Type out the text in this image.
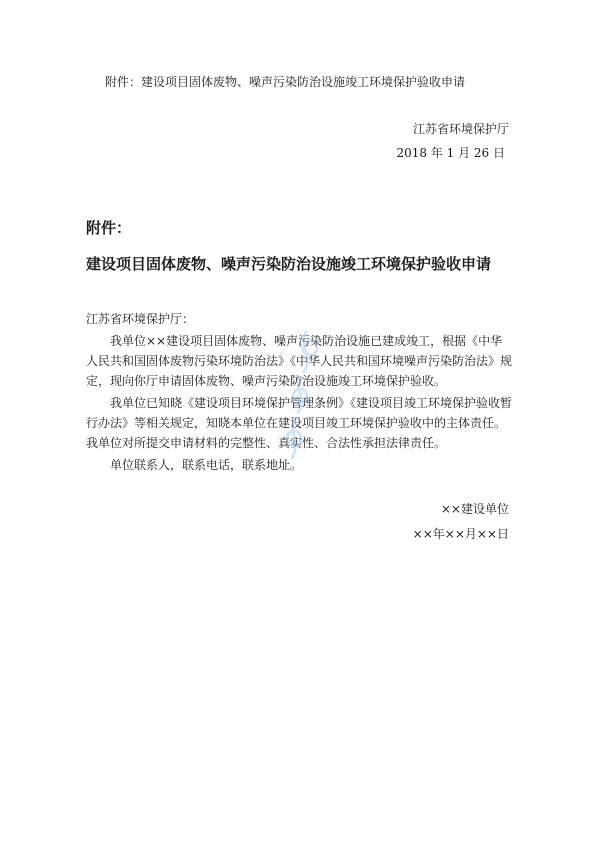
附件：建设项目固体废物、噪声污染防治设施竣工环境保护验收申请
江苏省环境保护厅
2018 年 1 月 26 日
附件：
建设项目固体废物、噪声污染防治设施竣工环境保护验收申请
江苏省环境保护厅：
我单位××建设项目固体废物、噪声污染防治设施已建成竣工，根据《中华人民共和国固体废物污染环境防治法》《中华人民共和国环境噪声污染防治法》规定，现向你厅申请固体废物、噪声污染防治设施竣工环境保护验收。
我单位已知晓《建设项目环境保护管理条例》《建设项目竣工环境保护验收暂行办法》等相关规定，知晓本单位在建设项目竣工环境保护验收中的主体责任。我单位对所提交申请材料的完整性、真实性、合法性承担法律责任。
单位联系人，联系电话，联系地址。
××建设单位
××年××月××日
